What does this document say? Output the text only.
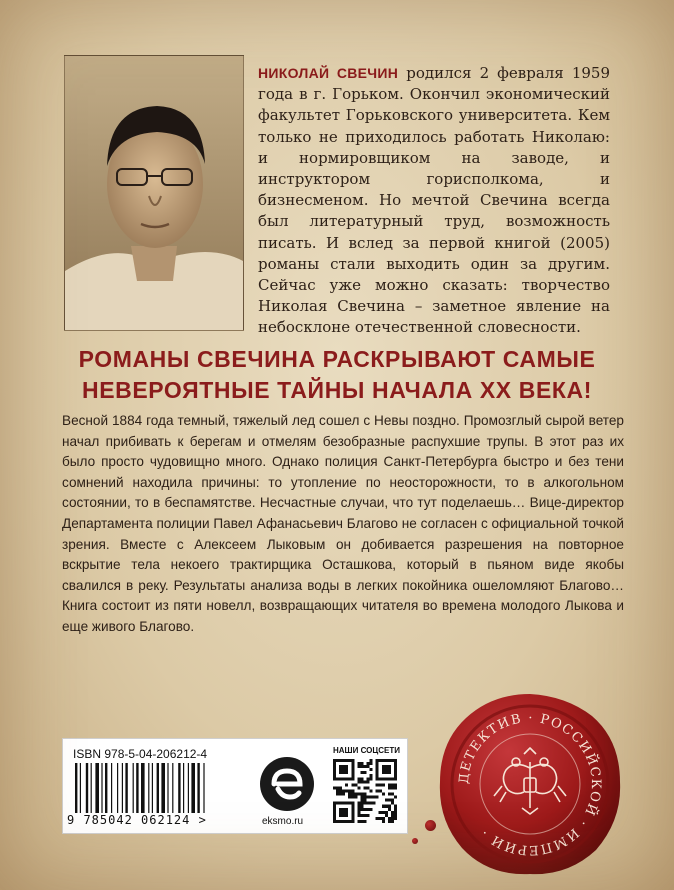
НИКОЛАЙ СВЕЧИН родился 2 февраля 1959 года в г. Горьком. Окончил экономический факультет Горьковского университета. Кем только не приходилось работать Николаю: и нормировщиком на заводе, и инструктором горисполкома, и бизнесменом. Но мечтой Свечина всегда был литературный труд, возможность писать. И вслед за первой книгой (2005) романы стали выходить один за другим. Сейчас уже можно сказать: творчество Николая Свечина – заметное явление на небосклоне отечественной словесности.
РОМАНЫ СВЕЧИНА РАСКРЫВАЮТ САМЫЕ
НЕВЕРОЯТНЫЕ ТАЙНЫ НАЧАЛА XX ВЕКА!
Весной 1884 года темный, тяжелый лед сошел с Невы поздно. Промозглый сырой ветер начал прибивать к берегам и отмелям безобразные распухшие трупы. В этот раз их было просто чудовищно много. Однако полиция Санкт-Петербурга быстро и без тени сомнений находила причины: то утопление по неосторожности, то в алкогольном состоянии, то в беспамятстве. Несчастные случаи, что тут поделаешь… Вице-директор Департамента полиции Павел Афанасьевич Благово не согласен с официальной точкой зрения. Вместе с Алексеем Лыковым он добивается разрешения на повторное вскрытие тела некоего трактирщика Осташкова, который в пьяном виде якобы свалился в реку. Результаты анализа воды в легких покойника ошеломляют Благово… Книга состоит из пяти новелл, возвращающих читателя во времена молодого Лыкова и еще живого Благово.
ISBN 978-5-04-206212-4
9 785042 062124 >	eksmo.ru
НАШИ СОЦСЕТИ
ДЕТЕКТИВ · РОССИЙСКОЙ · ИМПЕРИИ ·
